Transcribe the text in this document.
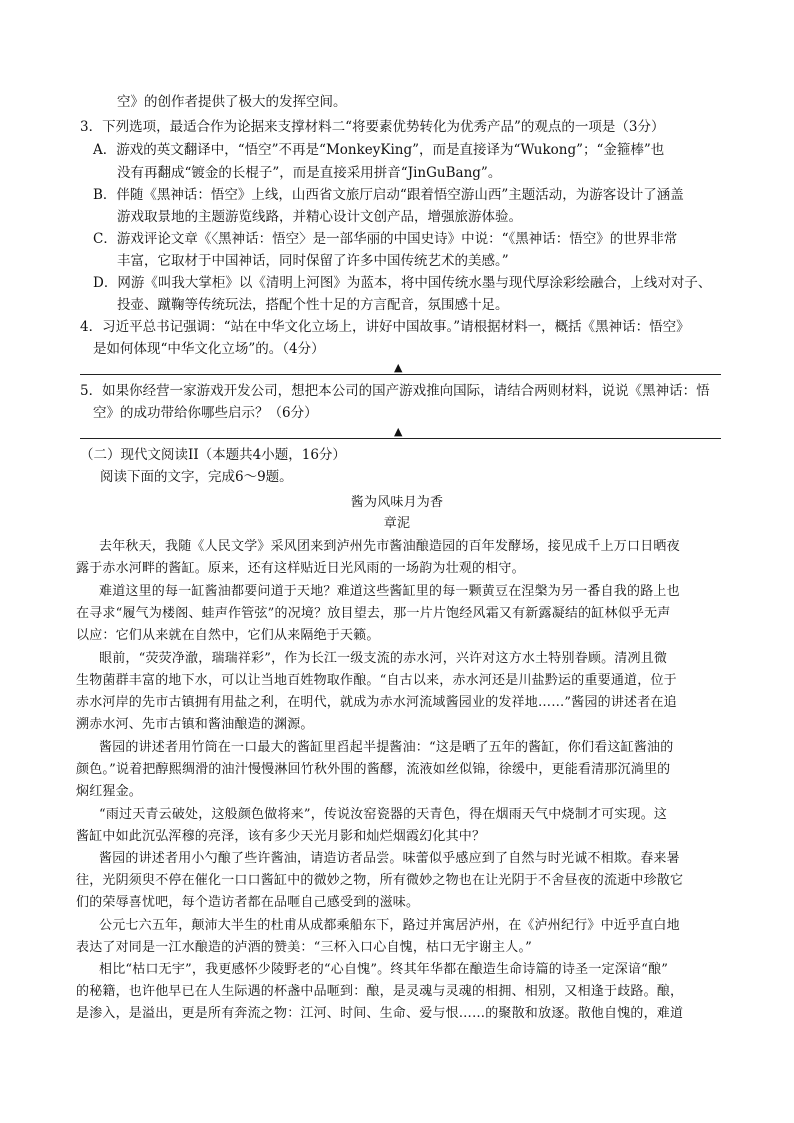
空》的创作者提供了极大的发挥空间。
3．下列选项，最适合作为论据来支撑材料二“将要素优势转化为优秀产品”的观点的一项是（3分）
A．游戏的英文翻译中，“悟空”不再是“MonkeyKing”，而是直接译为“Wukong”；“金箍棒”也
没有再翻成“镀金的长棍子”，而是直接采用拼音“JinGuBang”。
B．伴随《黑神话：悟空》上线，山西省文旅厅启动“跟着悟空游山西”主题活动，为游客设计了涵盖
游戏取景地的主题游览线路，并精心设计文创产品，增强旅游体验。
C．游戏评论文章《〈黑神话：悟空〉是一部华丽的中国史诗》中说：“《黑神话：悟空》的世界非常
丰富，它取材于中国神话，同时保留了许多中国传统艺术的美感。”
D．网游《叫我大掌柜》以《清明上河图》为蓝本，将中国传统水墨与现代厚涂彩绘融合，上线对对子、
投壶、蹴鞠等传统玩法，搭配个性十足的方言配音，氛围感十足。
4．习近平总书记强调：“站在中华文化立场上，讲好中国故事。”请根据材料一，概括《黑神话：悟空》
是如何体现“中华文化立场”的。（4分）
▲
5．如果你经营一家游戏开发公司，想把本公司的国产游戏推向国际，请结合两则材料，说说《黑神话：悟
空》的成功带给你哪些启示？（6分）
▲
（二）现代文阅读II（本题共4小题，16分）
阅读下面的文字，完成6～9题。
酱为风味月为香
章泥
去年秋天，我随《人民文学》采风团来到泸州先市酱油酿造园的百年发酵场，接见成千上万口日晒夜
露于赤水河畔的酱缸。原来，还有这样贴近日光风雨的一场韵为壮观的相守。
难道这里的每一缸酱油都要问道于天地？难道这些酱缸里的每一颗黄豆在涅槃为另一番自我的路上也
在寻求“履气为楼阁、蛙声作管弦”的况境？放目望去，那一片片饱经风霜又有新露凝结的缸林似乎无声
以应：它们从来就在自然中，它们从来隔绝于天籁。
眼前，“荧荧净澈，瑞瑞祥彩”，作为长江一级支流的赤水河，兴许对这方水土特别眷顾。清冽且微
生物菌群丰富的地下水，可以让当地百姓物取作酿。“自古以来，赤水河还是川盐黔运的重要通道，位于
赤水河岸的先市古镇拥有用盐之利，在明代，就成为赤水河流域酱园业的发祥地……”酱园的讲述者在追
溯赤水河、先市古镇和酱油酿造的渊源。
酱园的讲述者用竹筒在一口最大的酱缸里舀起半提酱油：“这是晒了五年的酱缸，你们看这缸酱油的
颜色。”说着把醇熙绸滑的油汁慢慢淋回竹秋外围的酱醪，流液如丝似锦，徐缓中，更能看清那沉淌里的
焖红猩金。
“雨过天青云破处，这般颜色做将来”，传说汝窑瓷器的天青色，得在烟雨天气中烧制才可实现。这
酱缸中如此沉弘浑穆的亮泽，该有多少天光月影和灿烂烟霞幻化其中？
酱园的讲述者用小勺酿了些许酱油，请造访者品尝。味蕾似乎感应到了自然与时光诚不相欺。春来暑
往，光阴须臾不停在催化一口口酱缸中的微妙之物，所有微妙之物也在让光阴于不舍昼夜的流逝中珍散它
们的荣辱喜忧吧，每个造访者都在品咂自己感受到的滋味。
公元七六五年，颠沛大半生的杜甫从成都乘船东下，路过并寓居泸州，在《泸州纪行》中近乎直白地
表达了对同是一江水酿造的泸酒的赞美：“三杯入口心自愧，枯口无宇谢主人。”
相比“枯口无宇”，我更感怀少陵野老的“心自愧”。终其年华都在酿造生命诗篇的诗圣一定深谙“酿”
的秘籍，也许他早已在人生际遇的杯盏中品咂到：酿，是灵魂与灵魂的相拥、相别，又相逢于歧路。酿，
是渗入，是溢出，更是所有奔流之物：江河、时间、生命、爱与恨……的聚散和放逐。散他自愧的，难道
